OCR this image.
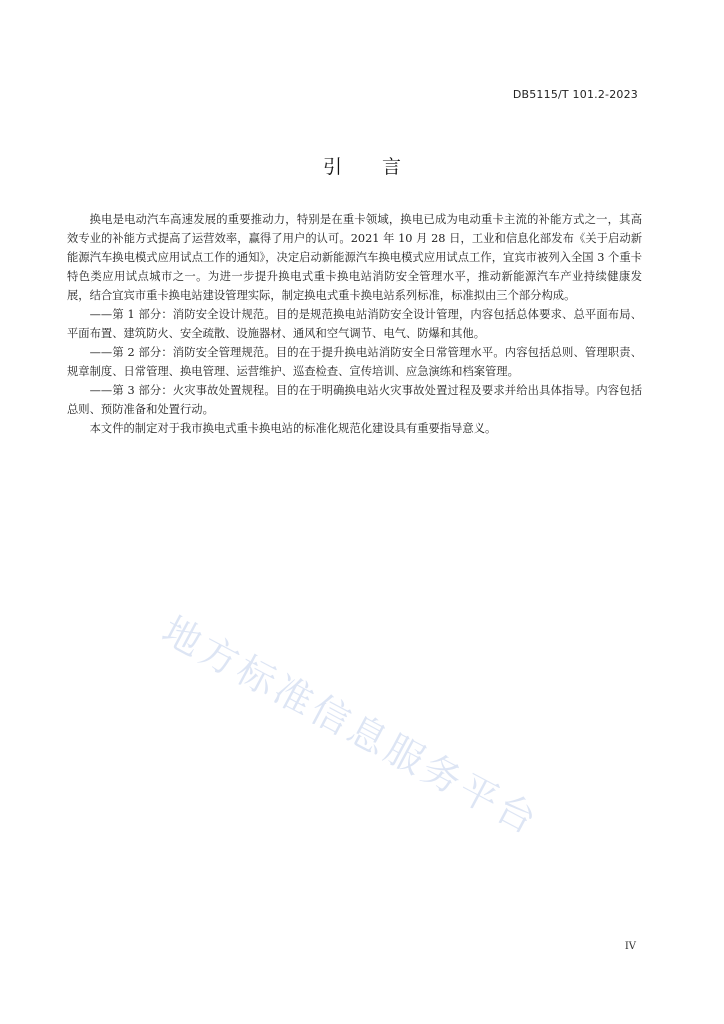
DB5115/T 101.2-2023
引言

换电是电动汽车高速发展的重要推动力，特别是在重卡领域，换电已成为电动重卡主流的补能方式之一，其高效专业的补能方式提高了运营效率，赢得了用户的认可。2021 年 10 月 28 日，工业和信息化部发布《关于启动新能源汽车换电模式应用试点工作的通知》，决定启动新能源汽车换电模式应用试点工作，宜宾市被列入全国 3 个重卡特色类应用试点城市之一。为进一步提升换电式重卡换电站消防安全管理水平，推动新能源汽车产业持续健康发展，结合宜宾市重卡换电站建设管理实际，制定换电式重卡换电站系列标准，标准拟由三个部分构成。

——第 1 部分：消防安全设计规范。目的是规范换电站消防安全设计管理，内容包括总体要求、总平面布局、平面布置、建筑防火、安全疏散、设施器材、通风和空气调节、电气、防爆和其他。

——第 2 部分：消防安全管理规范。目的在于提升换电站消防安全日常管理水平。内容包括总则、管理职责、规章制度、日常管理、换电管理、运营维护、巡查检查、宣传培训、应急演练和档案管理。

——第 3 部分：火灾事故处置规程。目的在于明确换电站火灾事故处置过程及要求并给出具体指导。内容包括总则、预防准备和处置行动。

本文件的制定对于我市换电式重卡换电站的标准化规范化建设具有重要指导意义。

地方标准信息服务平台
IV
